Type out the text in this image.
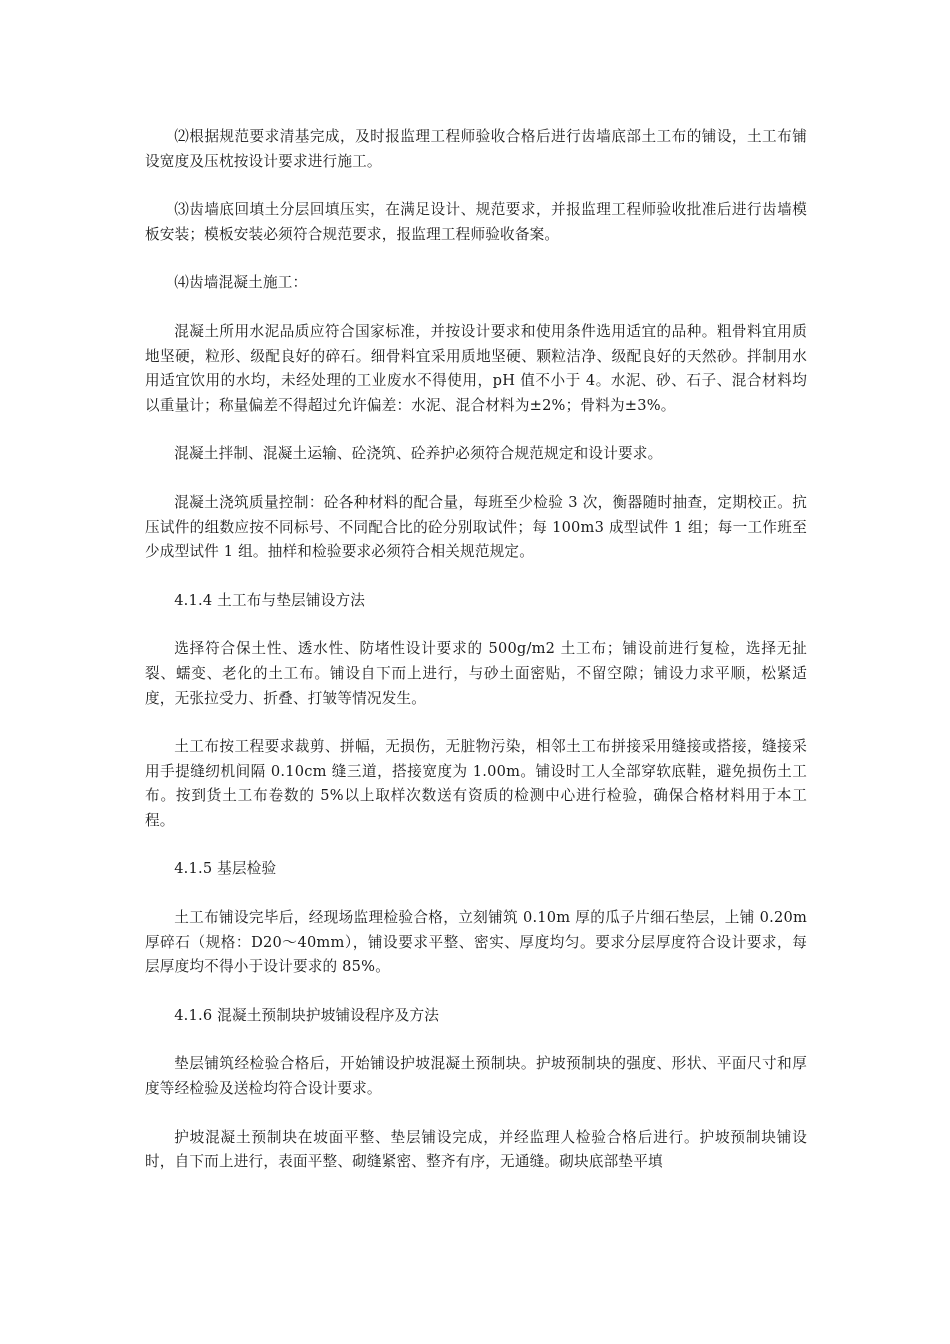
⑵根据规范要求清基完成，及时报监理工程师验收合格后进行齿墙底部土工布的铺设，土工布铺设宽度及压枕按设计要求进行施工。

⑶齿墙底回填土分层回填压实，在满足设计、规范要求，并报监理工程师验收批准后进行齿墙模板安装；模板安装必须符合规范要求，报监理工程师验收备案。

⑷齿墙混凝土施工：

混凝土所用水泥品质应符合国家标准，并按设计要求和使用条件选用适宜的品种。粗骨料宜用质地坚硬，粒形、级配良好的碎石。细骨料宜采用质地坚硬、颗粒洁净、级配良好的天然砂。拌制用水用适宜饮用的水均，未经处理的工业废水不得使用，pH 值不小于 4。水泥、砂、石子、混合材料均以重量计；称量偏差不得超过允许偏差：水泥、混合材料为±2%；骨料为±3%。

混凝土拌制、混凝土运输、砼浇筑、砼养护必须符合规范规定和设计要求。

混凝土浇筑质量控制：砼各种材料的配合量，每班至少检验 3 次，衡器随时抽查，定期校正。抗压试件的组数应按不同标号、不同配合比的砼分别取试件；每 100m3 成型试件 1 组；每一工作班至少成型试件 1 组。抽样和检验要求必须符合相关规范规定。

4.1.4 土工布与垫层铺设方法

选择符合保土性、透水性、防堵性设计要求的 500g/m2 土工布；铺设前进行复检，选择无扯裂、蠕变、老化的土工布。铺设自下而上进行，与砂土面密贴，不留空隙；铺设力求平顺，松紧适度，无张拉受力、折叠、打皱等情况发生。

土工布按工程要求裁剪、拼幅，无损伤，无脏物污染，相邻土工布拼接采用缝接或搭接，缝接采用手提缝纫机间隔 0.10cm 缝三道，搭接宽度为 1.00m。铺设时工人全部穿软底鞋，避免损伤土工布。按到货土工布卷数的 5%以上取样次数送有资质的检测中心进行检验，确保合格材料用于本工程。

4.1.5 基层检验

土工布铺设完毕后，经现场监理检验合格，立刻铺筑 0.10m 厚的瓜子片细石垫层，上铺 0.20m 厚碎石（规格：D20～40mm），铺设要求平整、密实、厚度均匀。要求分层厚度符合设计要求，每层厚度均不得小于设计要求的 85%。

4.1.6 混凝土预制块护坡铺设程序及方法

垫层铺筑经检验合格后，开始铺设护坡混凝土预制块。护坡预制块的强度、形状、平面尺寸和厚度等经检验及送检均符合设计要求。

护坡混凝土预制块在坡面平整、垫层铺设完成，并经监理人检验合格后进行。护坡预制块铺设时，自下而上进行，表面平整、砌缝紧密、整齐有序，无通缝。砌块底部垫平填
